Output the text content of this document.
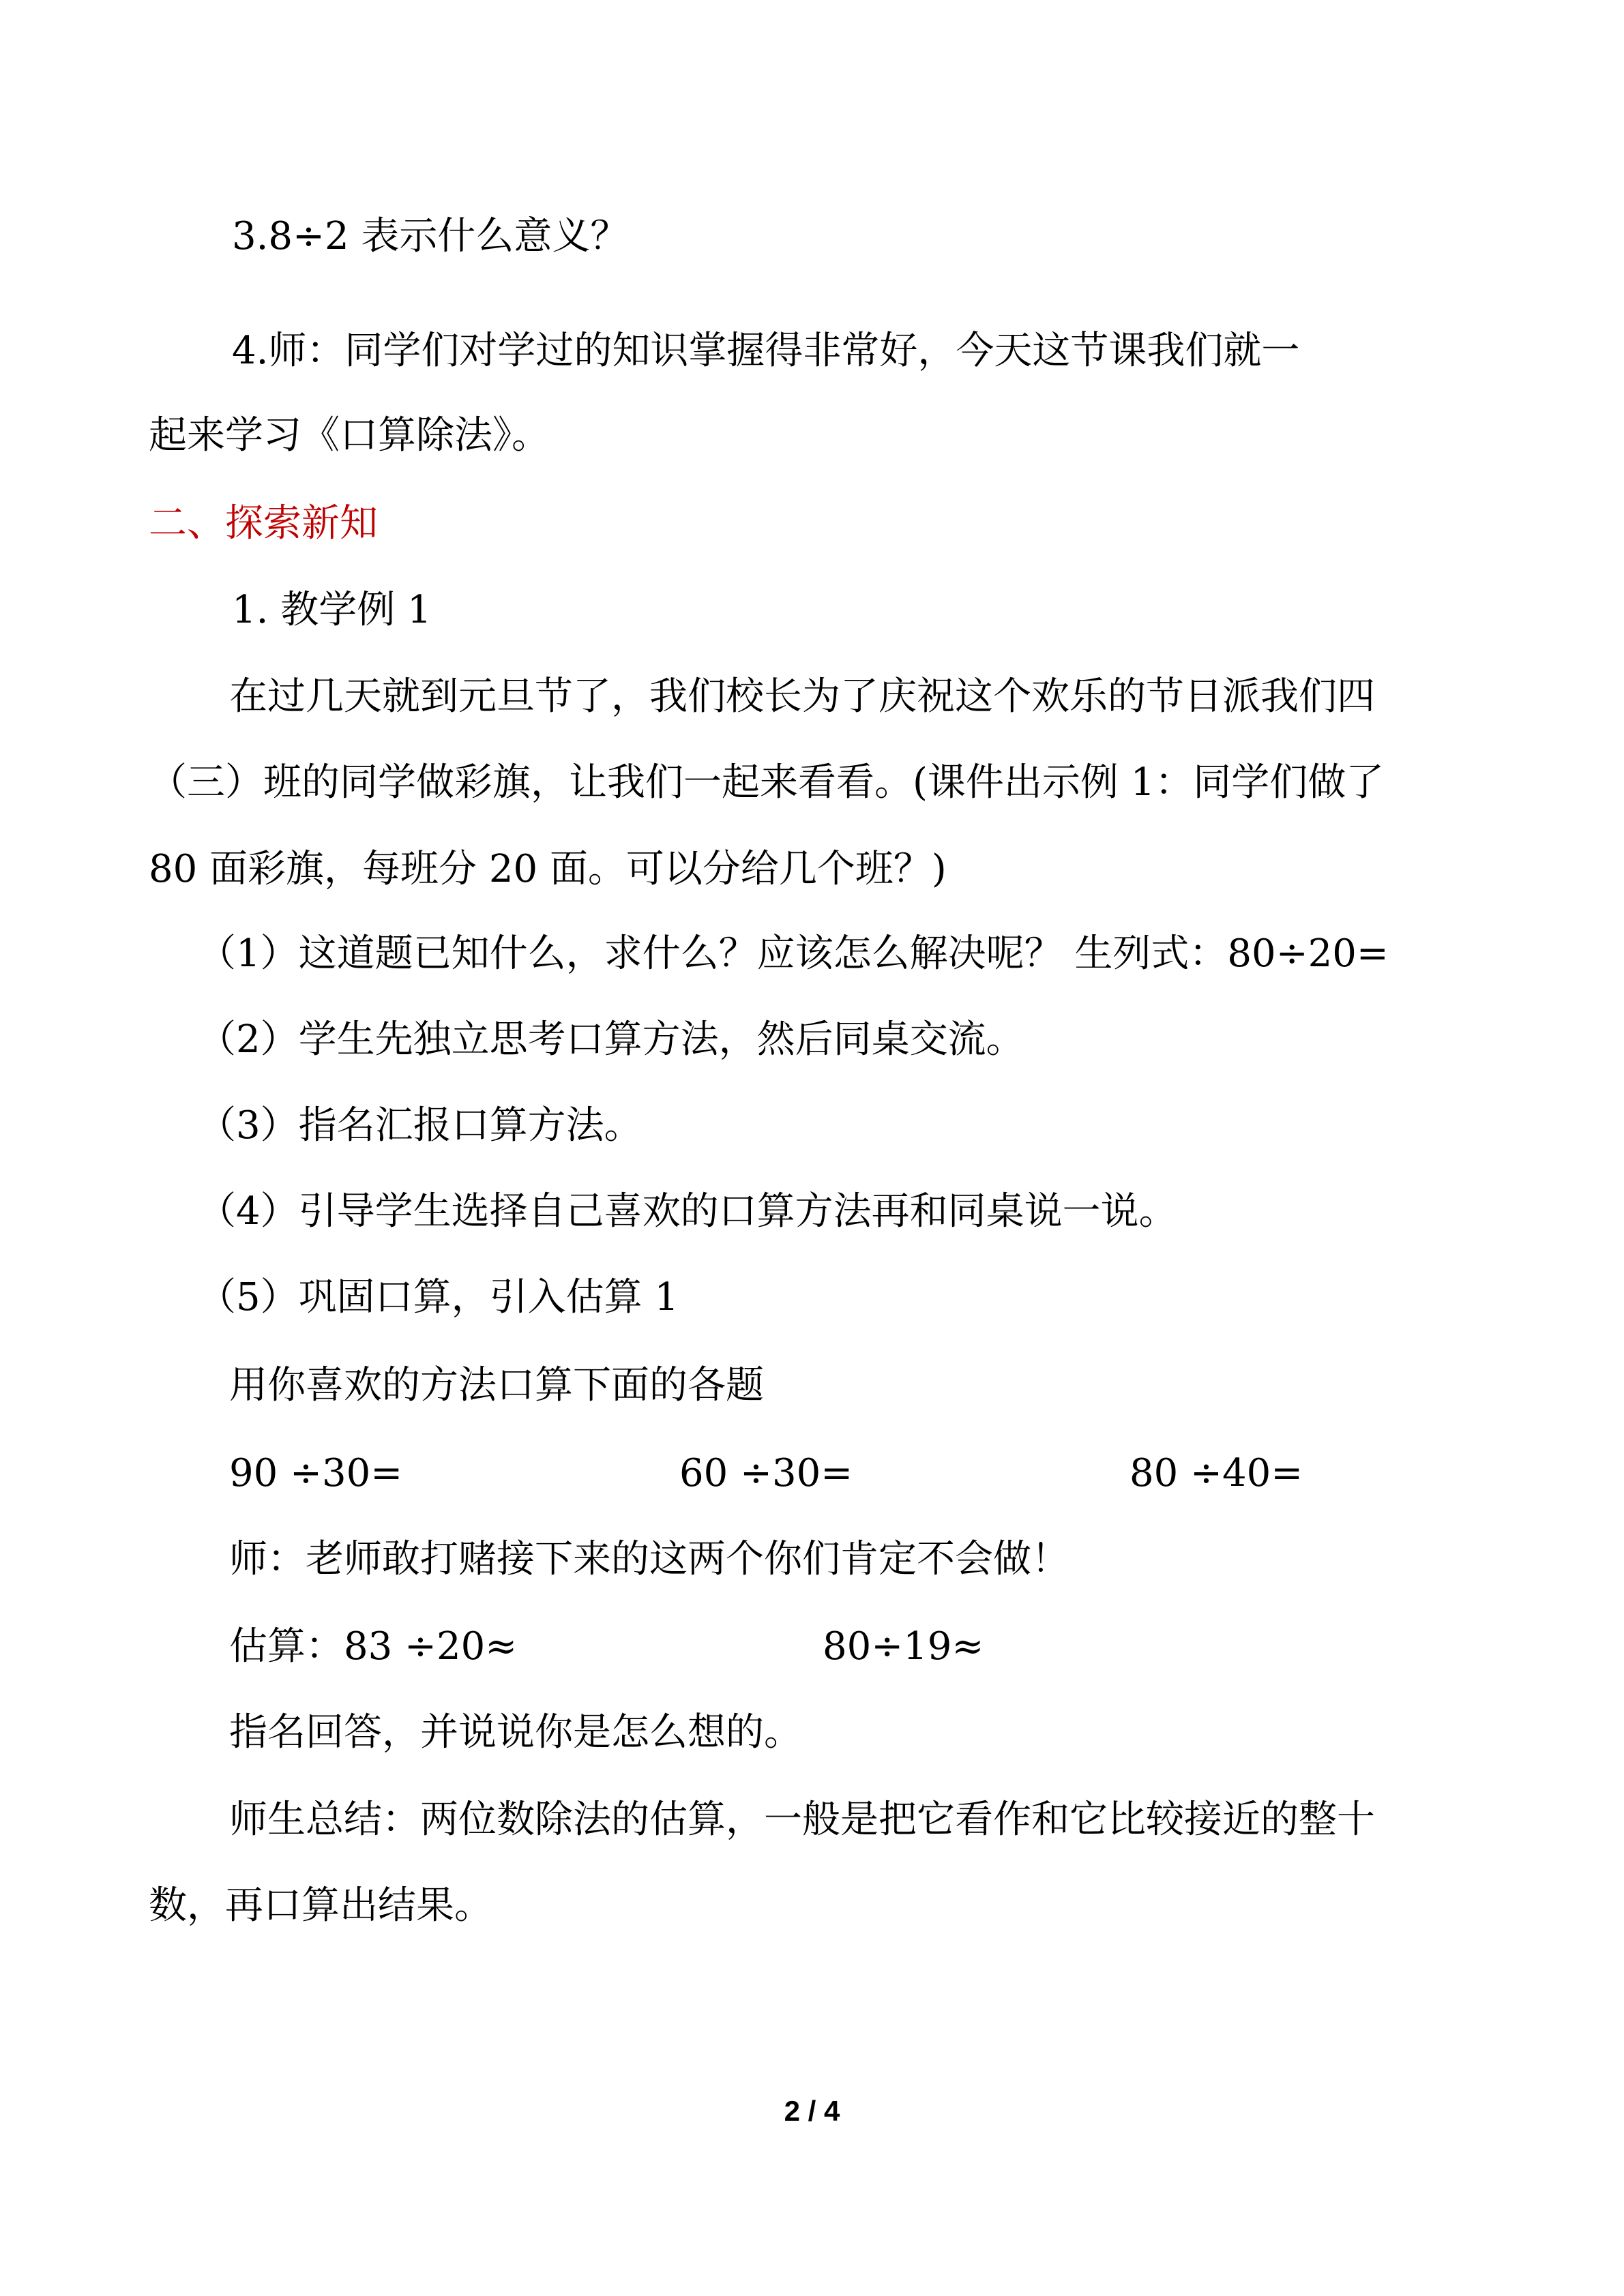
3.8÷2 表示什么意义？

4.师：同学们对学过的知识掌握得非常好，今天这节课我们就一

起来学习《口算除法》。

二、探索新知

1. 教学例 1

在过几天就到元旦节了，我们校长为了庆祝这个欢乐的节日派我们四

（三）班的同学做彩旗，让我们一起来看看。(课件出示例 1：同学们做了

80 面彩旗，每班分 20 面。可以分给几个班？)

（1）这道题已知什么，求什么？应该怎么解决呢？ 生列式：80÷20=

（2）学生先独立思考口算方法，然后同桌交流。

（3）指名汇报口算方法。

（4）引导学生选择自己喜欢的口算方法再和同桌说一说。

（5）巩固口算，引入估算 1

用你喜欢的方法口算下面的各题

90 ÷30=	60 ÷30=	80 ÷40=

师：老师敢打赌接下来的这两个你们肯定不会做！

估算：83 ÷20≈	80÷19≈

指名回答，并说说你是怎么想的。

师生总结：两位数除法的估算，一般是把它看作和它比较接近的整十

数，再口算出结果。

2 / 4
